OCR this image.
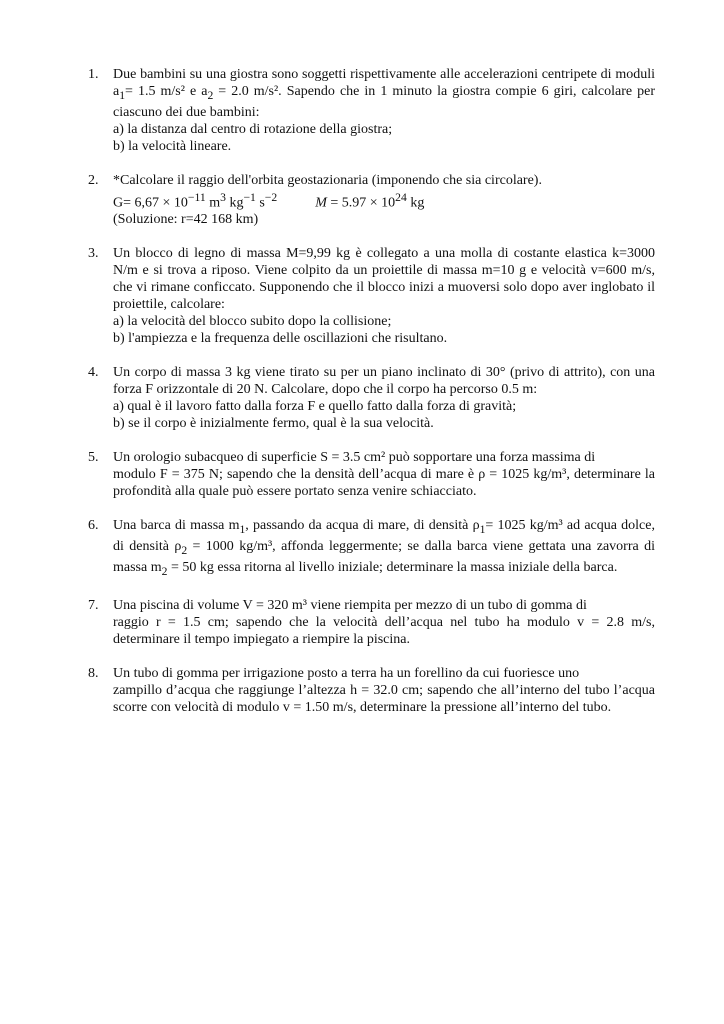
1. Due bambini su una giostra sono soggetti rispettivamente alle accelerazioni centripete di moduli $a_1= 1.5$ m/s² e $a_2 = 2.0$ m/s². Sapendo che in 1 minuto la giostra compie 6 giri, calcolare per ciascuno dei due bambini:

a) la distanza dal centro di rotazione della giostra;
b) la velocità lineare.
2. *Calcolare il raggio dell'orbita geostazionaria (imponendo che sia circolare).
$G= 6,67 \times 10^{-11}$ $m^3$ $kg^{-1}$ $s^{-2}$	$M = 5.97 \times 10^{24}$ kg
(Soluzione: r=42 168 km)
3. Un blocco di legno di massa M=9,99 kg è collegato a una molla di costante elastica k=3000 N/m e si trova a riposo. Viene colpito da un proiettile di massa m=10 g e velocità v=600 m/s, che vi rimane conficcato. Supponendo che il blocco inizi a muoversi solo dopo aver inglobato il proiettile, calcolare:

a) la velocità del blocco subito dopo la collisione;
b) l'ampiezza e la frequenza delle oscillazioni che risultano.
4. Un corpo di massa 3 kg viene tirato su per un piano inclinato di 30° (privo di attrito), con una forza F orizzontale di 20 N. Calcolare, dopo che il corpo ha percorso 0.5 m:

a) qual è il lavoro fatto dalla forza F e quello fatto dalla forza di gravità;
b) se il corpo è inizialmente fermo, qual è la sua velocità.
5. Un orologio subacqueo di superficie S = 3.5 cm² può sopportare una forza massima di

modulo F = 375 N; sapendo che la densità dell’acqua di mare è ρ = 1025 kg/m³, determinare la profondità alla quale può essere portato senza venire schiacciato.

6. Una barca di massa $m_1$, passando da acqua di mare, di densità $\rho_1= 1025$ kg/m³ ad acqua dolce, di densità $\rho_2 = 1000$ kg/m³, affonda leggermente; se dalla barca viene gettata una zavorra di massa $m_2 = 50$ kg essa ritorna al livello iniziale; determinare la massa iniziale della barca.

7. Una piscina di volume V = 320 m³ viene riempita per mezzo di un tubo di gomma di

raggio r = 1.5 cm; sapendo che la velocità dell’acqua nel tubo ha modulo v = 2.8 m/s, determinare il tempo impiegato a riempire la piscina.

8. Un tubo di gomma per irrigazione posto a terra ha un forellino da cui fuoriesce uno

zampillo d’acqua che raggiunge l’altezza h = 32.0 cm; sapendo che all’interno del tubo l’acqua scorre con velocità di modulo v = 1.50 m/s, determinare la pressione all’interno del tubo.
